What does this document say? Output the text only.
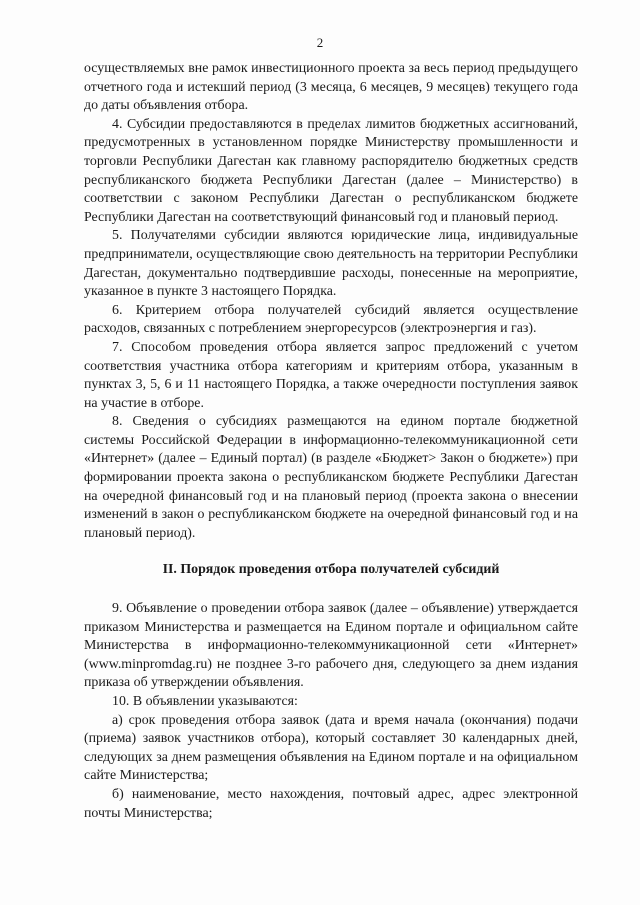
2

осуществляемых вне рамок инвестиционного проекта за весь период предыдущего отчетного года и истекший период (3 месяца, 6 месяцев, 9 месяцев) текущего года до даты объявления отбора.

4. Субсидии предоставляются в пределах лимитов бюджетных ассигнований, предусмотренных в установленном порядке Министерству промышленности и торговли Республики Дагестан как главному распорядителю бюджетных средств республиканского бюджета Республики Дагестан (далее – Министерство) в соответствии с законом Республики Дагестан о республиканском бюджете Республики Дагестан на соответствующий финансовый год и плановый период.

5. Получателями субсидии являются юридические лица, индивидуальные предприниматели, осуществляющие свою деятельность на территории Республики Дагестан, документально подтвердившие расходы, понесенные на мероприятие, указанное в пункте 3 настоящего Порядка.

6. Критерием отбора получателей субсидий является осуществление расходов, связанных с потреблением энергоресурсов (электроэнергия и газ).

7. Способом проведения отбора является запрос предложений с учетом соответствия участника отбора категориям и критериям отбора, указанным в пунктах 3, 5, 6 и 11 настоящего Порядка, а также очередности поступления заявок на участие в отборе.

8. Сведения о субсидиях размещаются на едином портале бюджетной системы Российской Федерации в информационно-телекоммуникационной сети «Интернет» (далее – Единый портал) (в разделе «Бюджет> Закон о бюджете») при формировании проекта закона о республиканском бюджете Республики Дагестан на очередной финансовый год и на плановый период (проекта закона о внесении изменений в закон о республиканском бюджете на очередной финансовый год и на плановый период).

II. Порядок проведения отбора получателей субсидий

9. Объявление о проведении отбора заявок (далее – объявление) утверждается приказом Министерства и размещается на Едином портале и официальном сайте Министерства в информационно-телекоммуникационной сети «Интернет» (www.minpromdag.ru) не позднее 3-го рабочего дня, следующего за днем издания приказа об утверждении объявления.

10. В объявлении указываются:

а) срок проведения отбора заявок (дата и время начала (окончания) подачи (приема) заявок участников отбора), который составляет 30 календарных дней, следующих за днем размещения объявления на Едином портале и на официальном сайте Министерства;

б) наименование, место нахождения, почтовый адрес, адрес электронной почты Министерства;
